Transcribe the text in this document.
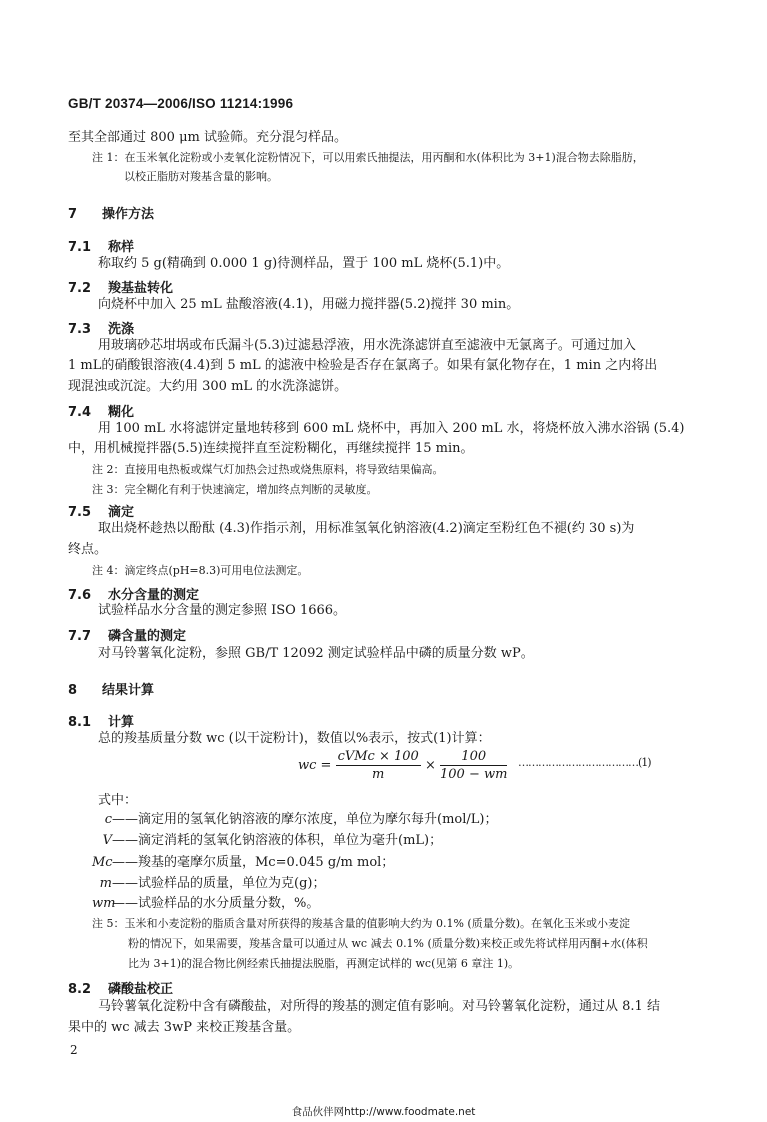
GB/T 20374—2006/ISO 11214:1996
至其全部通过 800 μm 试验筛。充分混匀样品。
注 1：在玉米氧化淀粉或小麦氧化淀粉情况下，可以用索氏抽提法，用丙酮和水(体积比为 3+1)混合物去除脂肪，
以校正脂肪对羧基含量的影响。
7 操作方法
7.1 称样
称取约 5 g(精确到 0.000 1 g)待测样品，置于 100 mL 烧杯(5.1)中。
7.2 羧基盐转化
向烧杯中加入 25 mL 盐酸溶液(4.1)，用磁力搅拌器(5.2)搅拌 30 min。
7.3 洗涤
用玻璃砂芯坩埚或布氏漏斗(5.3)过滤悬浮液，用水洗涤滤饼直至滤液中无氯离子。可通过加入
1 mL的硝酸银溶液(4.4)到 5 mL 的滤液中检验是否存在氯离子。如果有氯化物存在，1 min 之内将出
现混浊或沉淀。大约用 300 mL 的水洗涤滤饼。
7.4 糊化
用 100 mL 水将滤饼定量地转移到 600 mL 烧杯中，再加入 200 mL 水，将烧杯放入沸水浴锅 (5.4)
中，用机械搅拌器(5.5)连续搅拌直至淀粉糊化，再继续搅拌 15 min。
注 2：直接用电热板或煤气灯加热会过热或烧焦原料，将导致结果偏高。
注 3：完全糊化有利于快速滴定，增加终点判断的灵敏度。
7.5 滴定
取出烧杯趁热以酚酞 (4.3)作指示剂，用标准氢氧化钠溶液(4.2)滴定至粉红色不褪(约 30 s)为
终点。
注 4：滴定终点(pH=8.3)可用电位法测定。
7.6 水分含量的测定
试验样品水分含量的测定参照 ISO 1666。
7.7 磷含量的测定
对马铃薯氧化淀粉，参照 GB/T 12092 测定试验样品中磷的质量分数 wP。
8 结果计算
8.1 计算
总的羧基质量分数 wc (以干淀粉计)，数值以%表示，按式(1)计算：
wc = $\frac{\text{cVMc × 100}}{m} \times \frac{100}{100 - wm}$ ………………………………(1)
式中：
c——滴定用的氢氧化钠溶液的摩尔浓度，单位为摩尔每升(mol/L)；
V——滴定消耗的氢氧化钠溶液的体积，单位为毫升(mL)；
Mc——羧基的毫摩尔质量，Mc=0.045 g/m mol；
m——试验样品的质量，单位为克(g)；
wm——试验样品的水分质量分数，%。
注 5：玉米和小麦淀粉的脂质含量对所获得的羧基含量的值影响大约为 0.1% (质量分数)。在氧化玉米或小麦淀
粉的情况下，如果需要，羧基含量可以通过从 wc 减去 0.1% (质量分数)来校正或先将试样用丙酮+水(体积
比为 3+1)的混合物比例经索氏抽提法脱脂，再测定试样的 wc(见第 6 章注 1)。
8.2 磷酸盐校正
马铃薯氧化淀粉中含有磷酸盐，对所得的羧基的测定值有影响。对马铃薯氧化淀粉，通过从 8.1 结
果中的 wc 减去 3wP 来校正羧基含量。
2
食品伙伴网http://www.foodmate.net
